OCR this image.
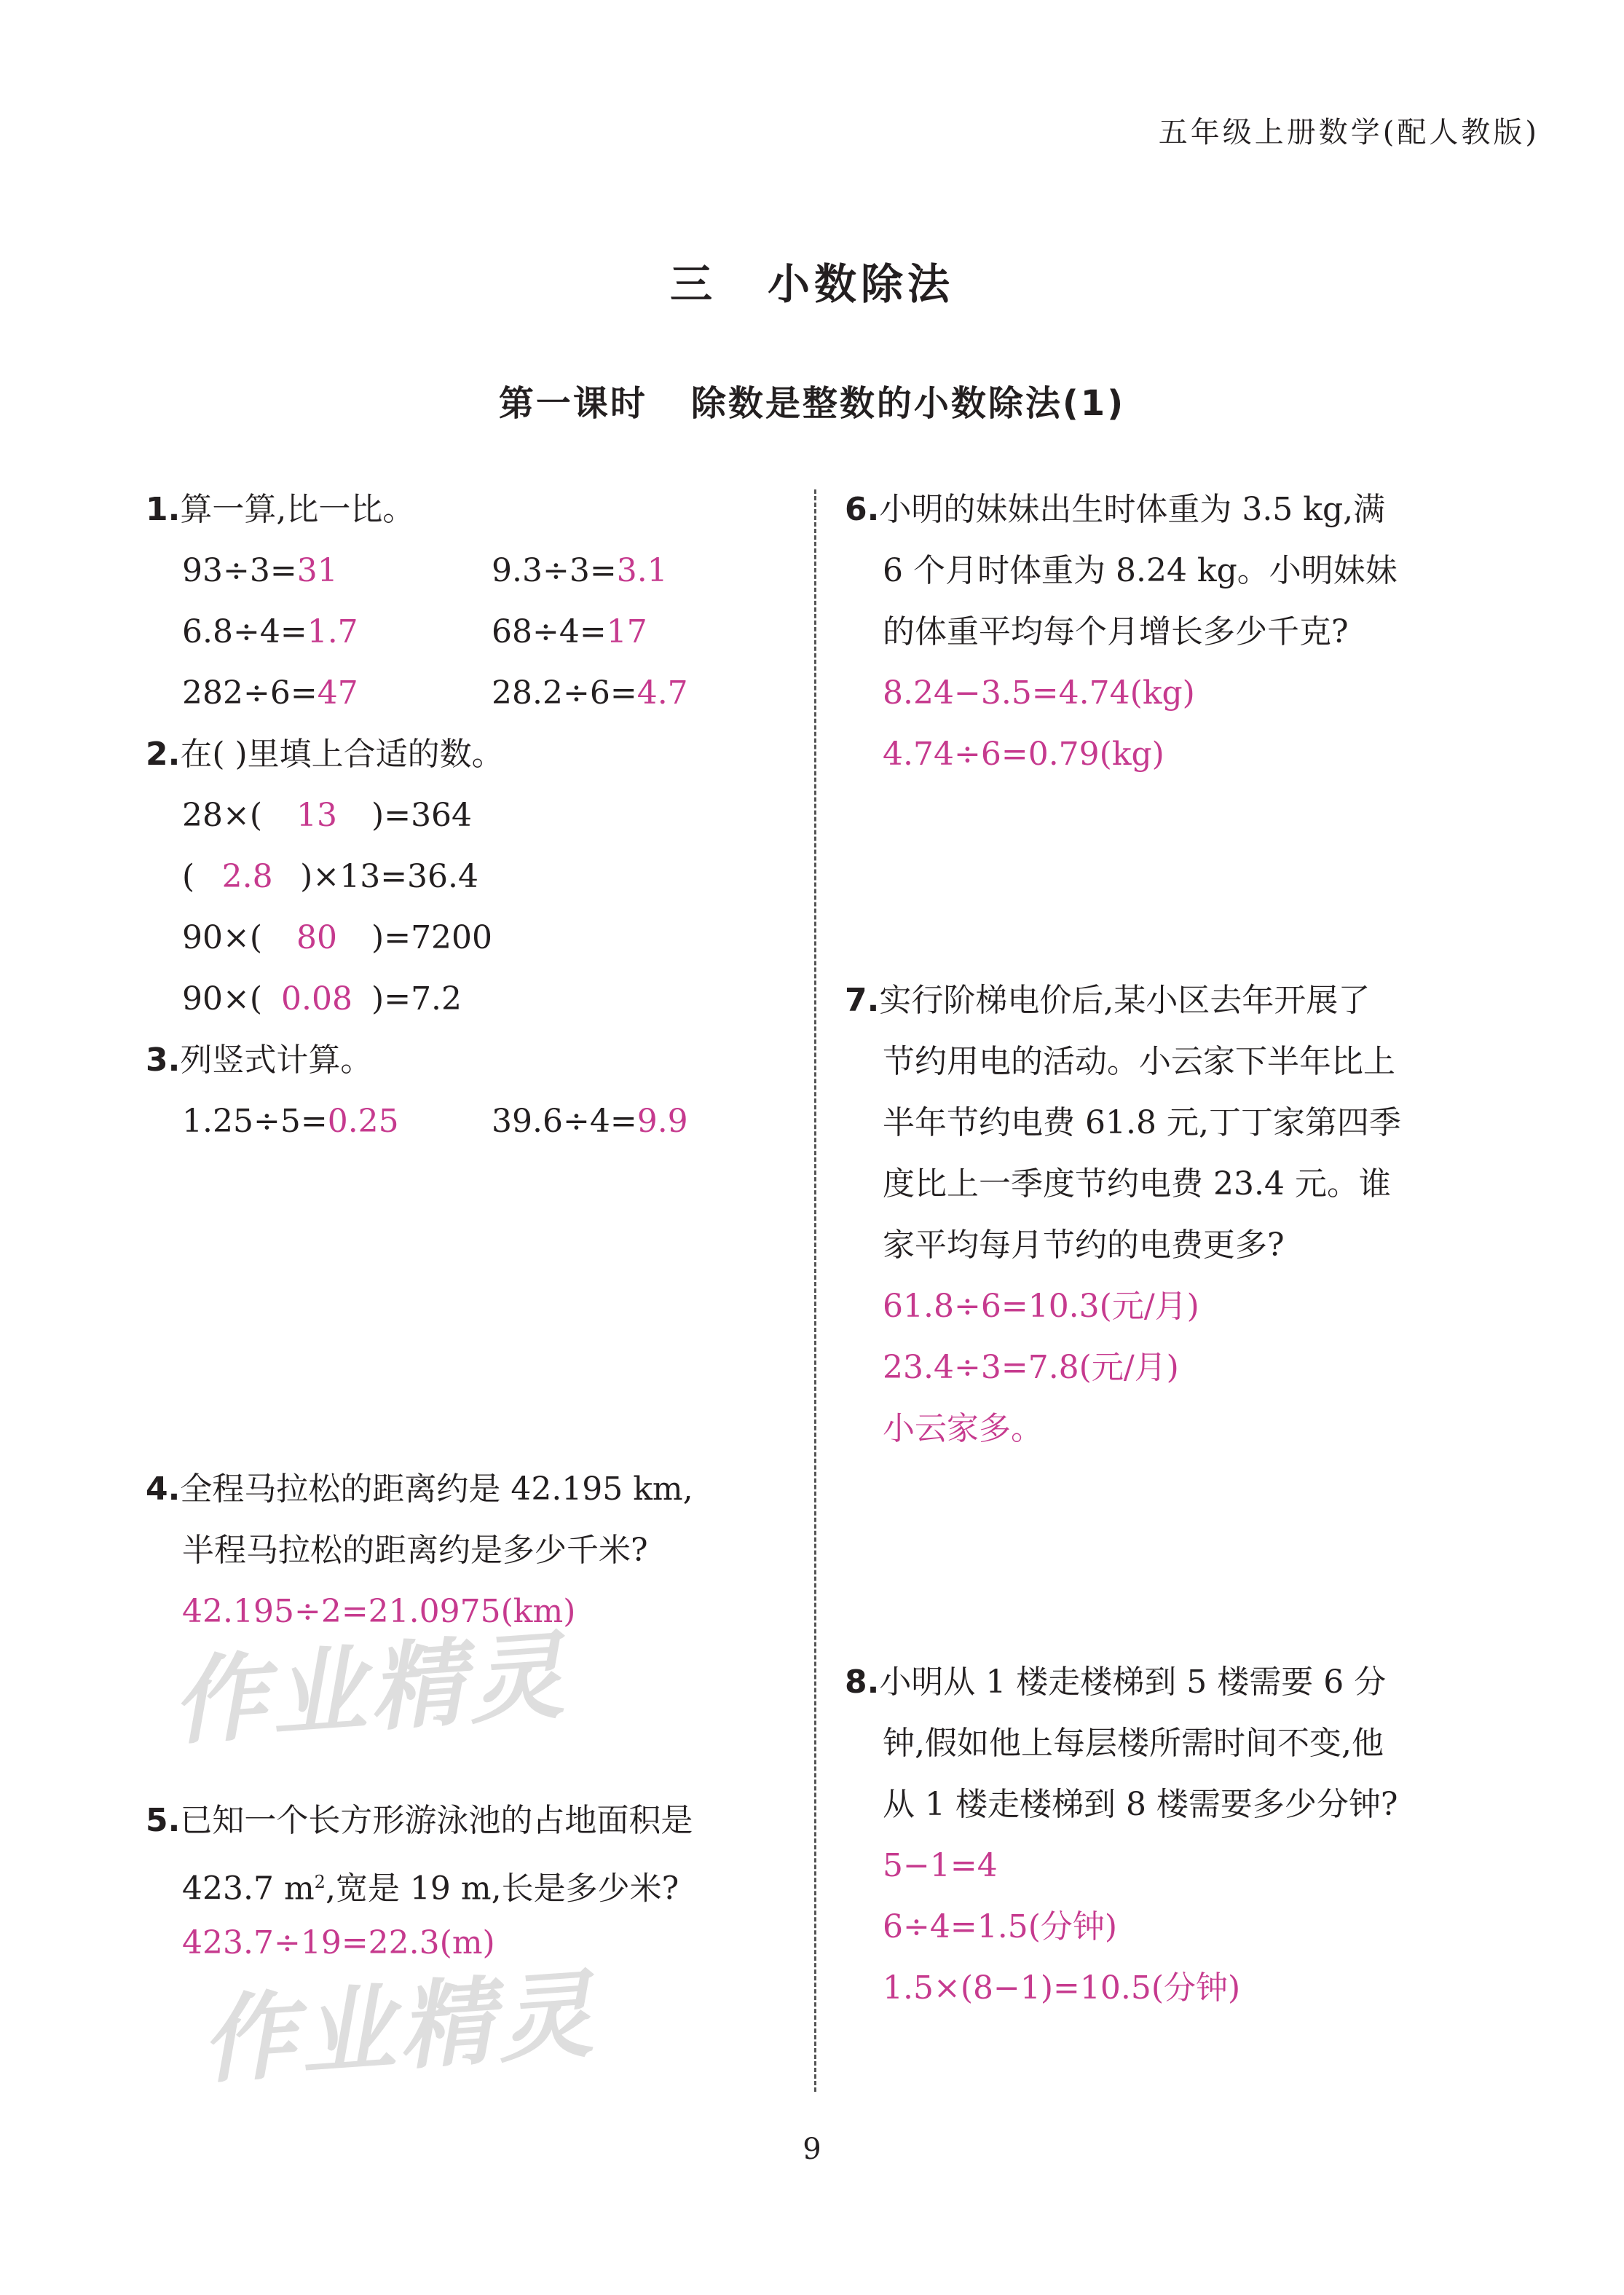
五年级上册数学(配人教版)
三 小数除法
第一课时 除数是整数的小数除法(1)
1.算一算,比一比。
93÷3=31	9.3÷3=3.1
6.8÷4=1.7	68÷4=17
282÷6=47	28.2÷6=4.7
2.在( )里填上合适的数。
28×( 13 )=364
( 2.8 )×13=36.4
90×( 80 )=7200
90×( 0.08 )=7.2
3.列竖式计算。
1.25÷5=0.25	39.6÷4=9.9
4.全程马拉松的距离约是 42.195 km,
半程马拉松的距离约是多少千米?
42.195÷2=21.0975(km)
作业精灵
5.已知一个长方形游泳池的占地面积是
423.7 $m^2$,宽是 19 m,长是多少米?
423.7÷19=22.3(m)
作业精灵
6.小明的妹妹出生时体重为 3.5 kg,满
6 个月时体重为 8.24 kg。小明妹妹
的体重平均每个月增长多少千克?
8.24−3.5=4.74(kg)
4.74÷6=0.79(kg)
7.实行阶梯电价后,某小区去年开展了
节约用电的活动。小云家下半年比上
半年节约电费 61.8 元,丁丁家第四季
度比上一季度节约电费 23.4 元。谁
家平均每月节约的电费更多?
61.8÷6=10.3(元/月)
23.4÷3=7.8(元/月)
小云家多。
8.小明从 1 楼走楼梯到 5 楼需要 6 分
钟,假如他上每层楼所需时间不变,他
从 1 楼走楼梯到 8 楼需要多少分钟?
5−1=4
6÷4=1.5(分钟)
1.5×(8−1)=10.5(分钟)
9
